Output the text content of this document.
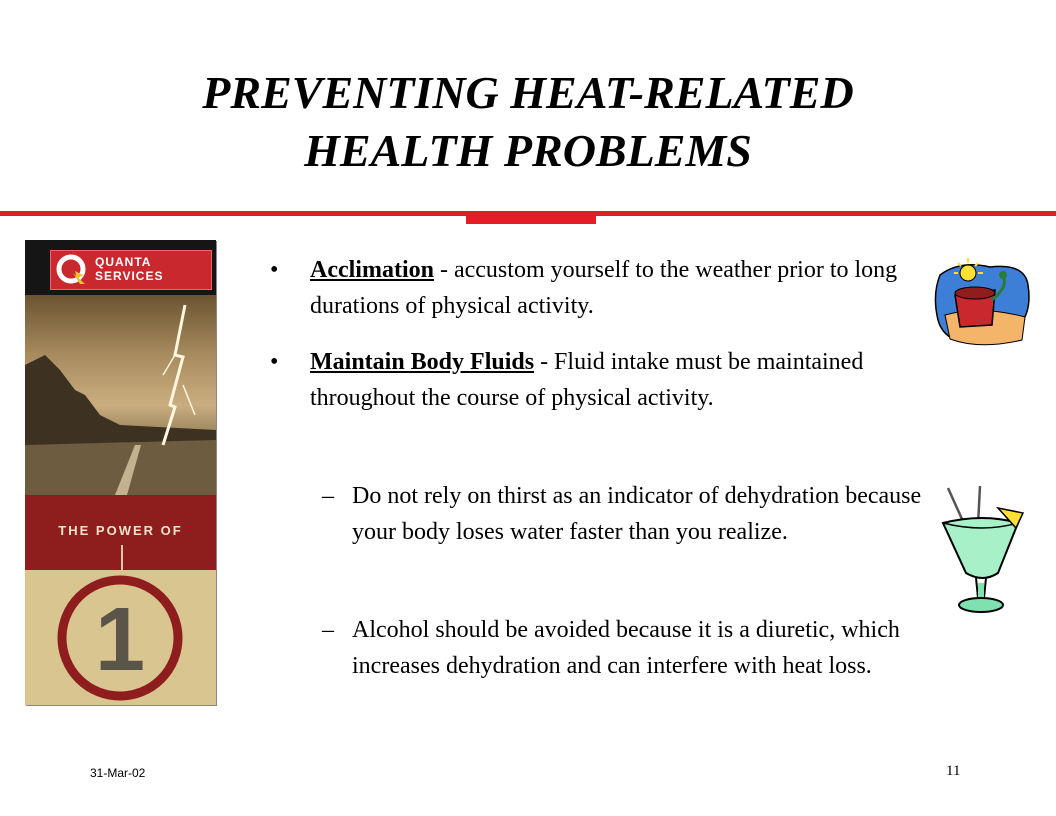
PREVENTING HEAT-RELATED
HEALTH PROBLEMS
QUANTA
SERVICES
THE POWER OF
1
• Acclimation - accustom yourself to the weather prior to long durations of physical activity.
• Maintain Body Fluids - Fluid intake must be maintained throughout the course of physical activity.
– Do not rely on thirst as an indicator of dehydration because your body loses water faster than you realize.
– Alcohol should be avoided because it is a diuretic, which increases dehydration and can interfere with heat loss.
31-Mar-02	11
